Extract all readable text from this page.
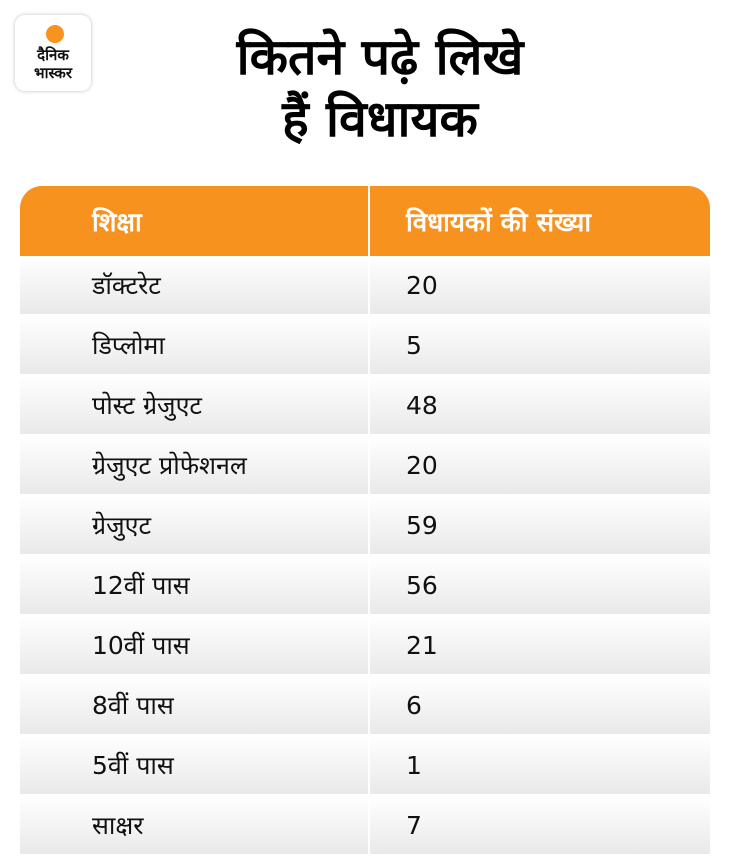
दैनिक
भास्कर	कितने पढ़े लिखे
हैं विधायक
शिक्षा	विधायकों की संख्या
डॉक्टरेट	20
डिप्लोमा	5
पोस्ट ग्रेजुएट	48
ग्रेजुएट प्रोफेशनल	20
ग्रेजुएट	59
12वीं पास	56
10वीं पास	21
8वीं पास	6
5वीं पास	1
साक्षर	7
